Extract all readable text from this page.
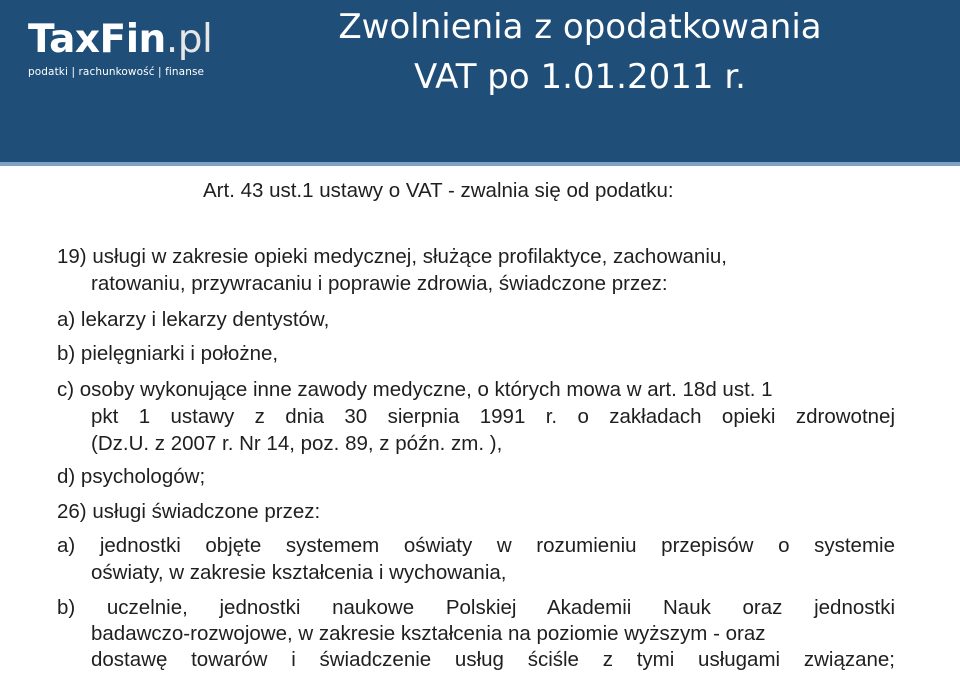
TaxFin.pl
podatki | rachunkowość | finanse
Zwolnienia z opodatkowania
VAT po 1.01.2011 r.
Art. 43 ust.1 ustawy o VAT - zwalnia się od podatku:
19) usługi w zakresie opieki medycznej, służące profilaktyce, zachowaniu,
ratowaniu, przywracaniu i poprawie zdrowia, świadczone przez:
a) lekarzy i lekarzy dentystów,
b) pielęgniarki i położne,
c) osoby wykonujące inne zawody medyczne, o których mowa w art. 18d ust. 1
pkt 1 ustawy z dnia 30 sierpnia 1991 r. o zakładach opieki zdrowotnej
(Dz.U. z 2007 r. Nr 14, poz. 89, z późn. zm. ),
d) psychologów;
26) usługi świadczone przez:
a) jednostki objęte systemem oświaty w rozumieniu przepisów o systemie
oświaty, w zakresie kształcenia i wychowania,
b) uczelnie, jednostki naukowe Polskiej Akademii Nauk oraz jednostki
badawczo-rozwojowe, w zakresie kształcenia na poziomie wyższym - oraz
dostawę towarów i świadczenie usług ściśle z tymi usługami związane;
